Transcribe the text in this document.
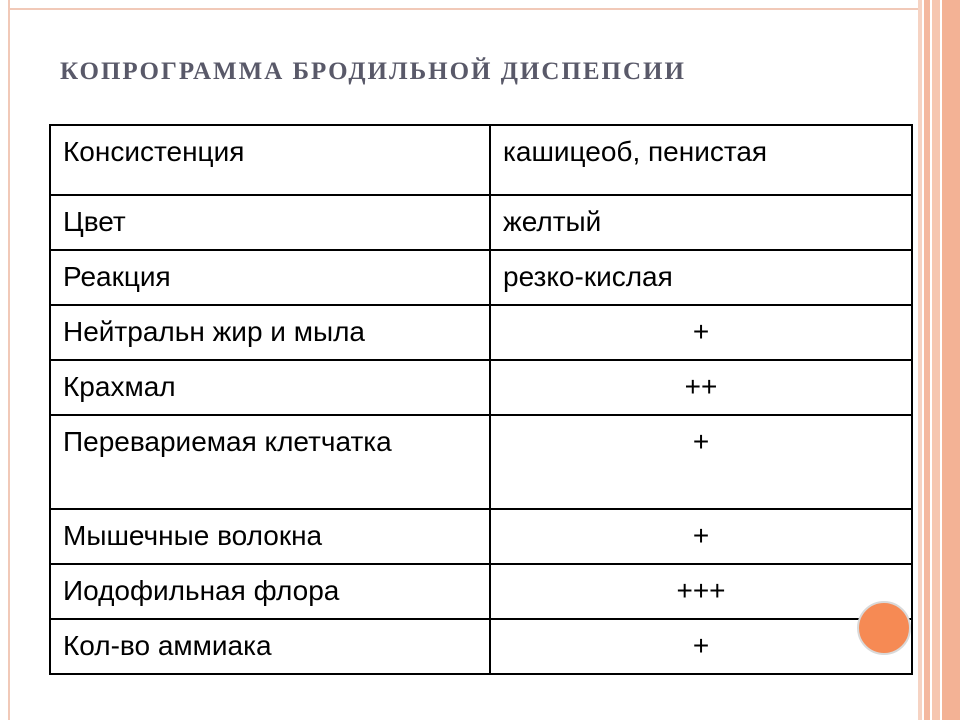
КОПРОГРАММА БРОДИЛЬНОЙ ДИСПЕПСИИ
Консистенция	кашицеоб, пенистая
Цвет	желтый
Реакция	резко-кислая
Нейтральн жир и мыла	+
Крахмал	++
Перевариемая клетчатка	+
Мышечные волокна	+
Иодофильная флора	+++
Кол-во аммиака	+
